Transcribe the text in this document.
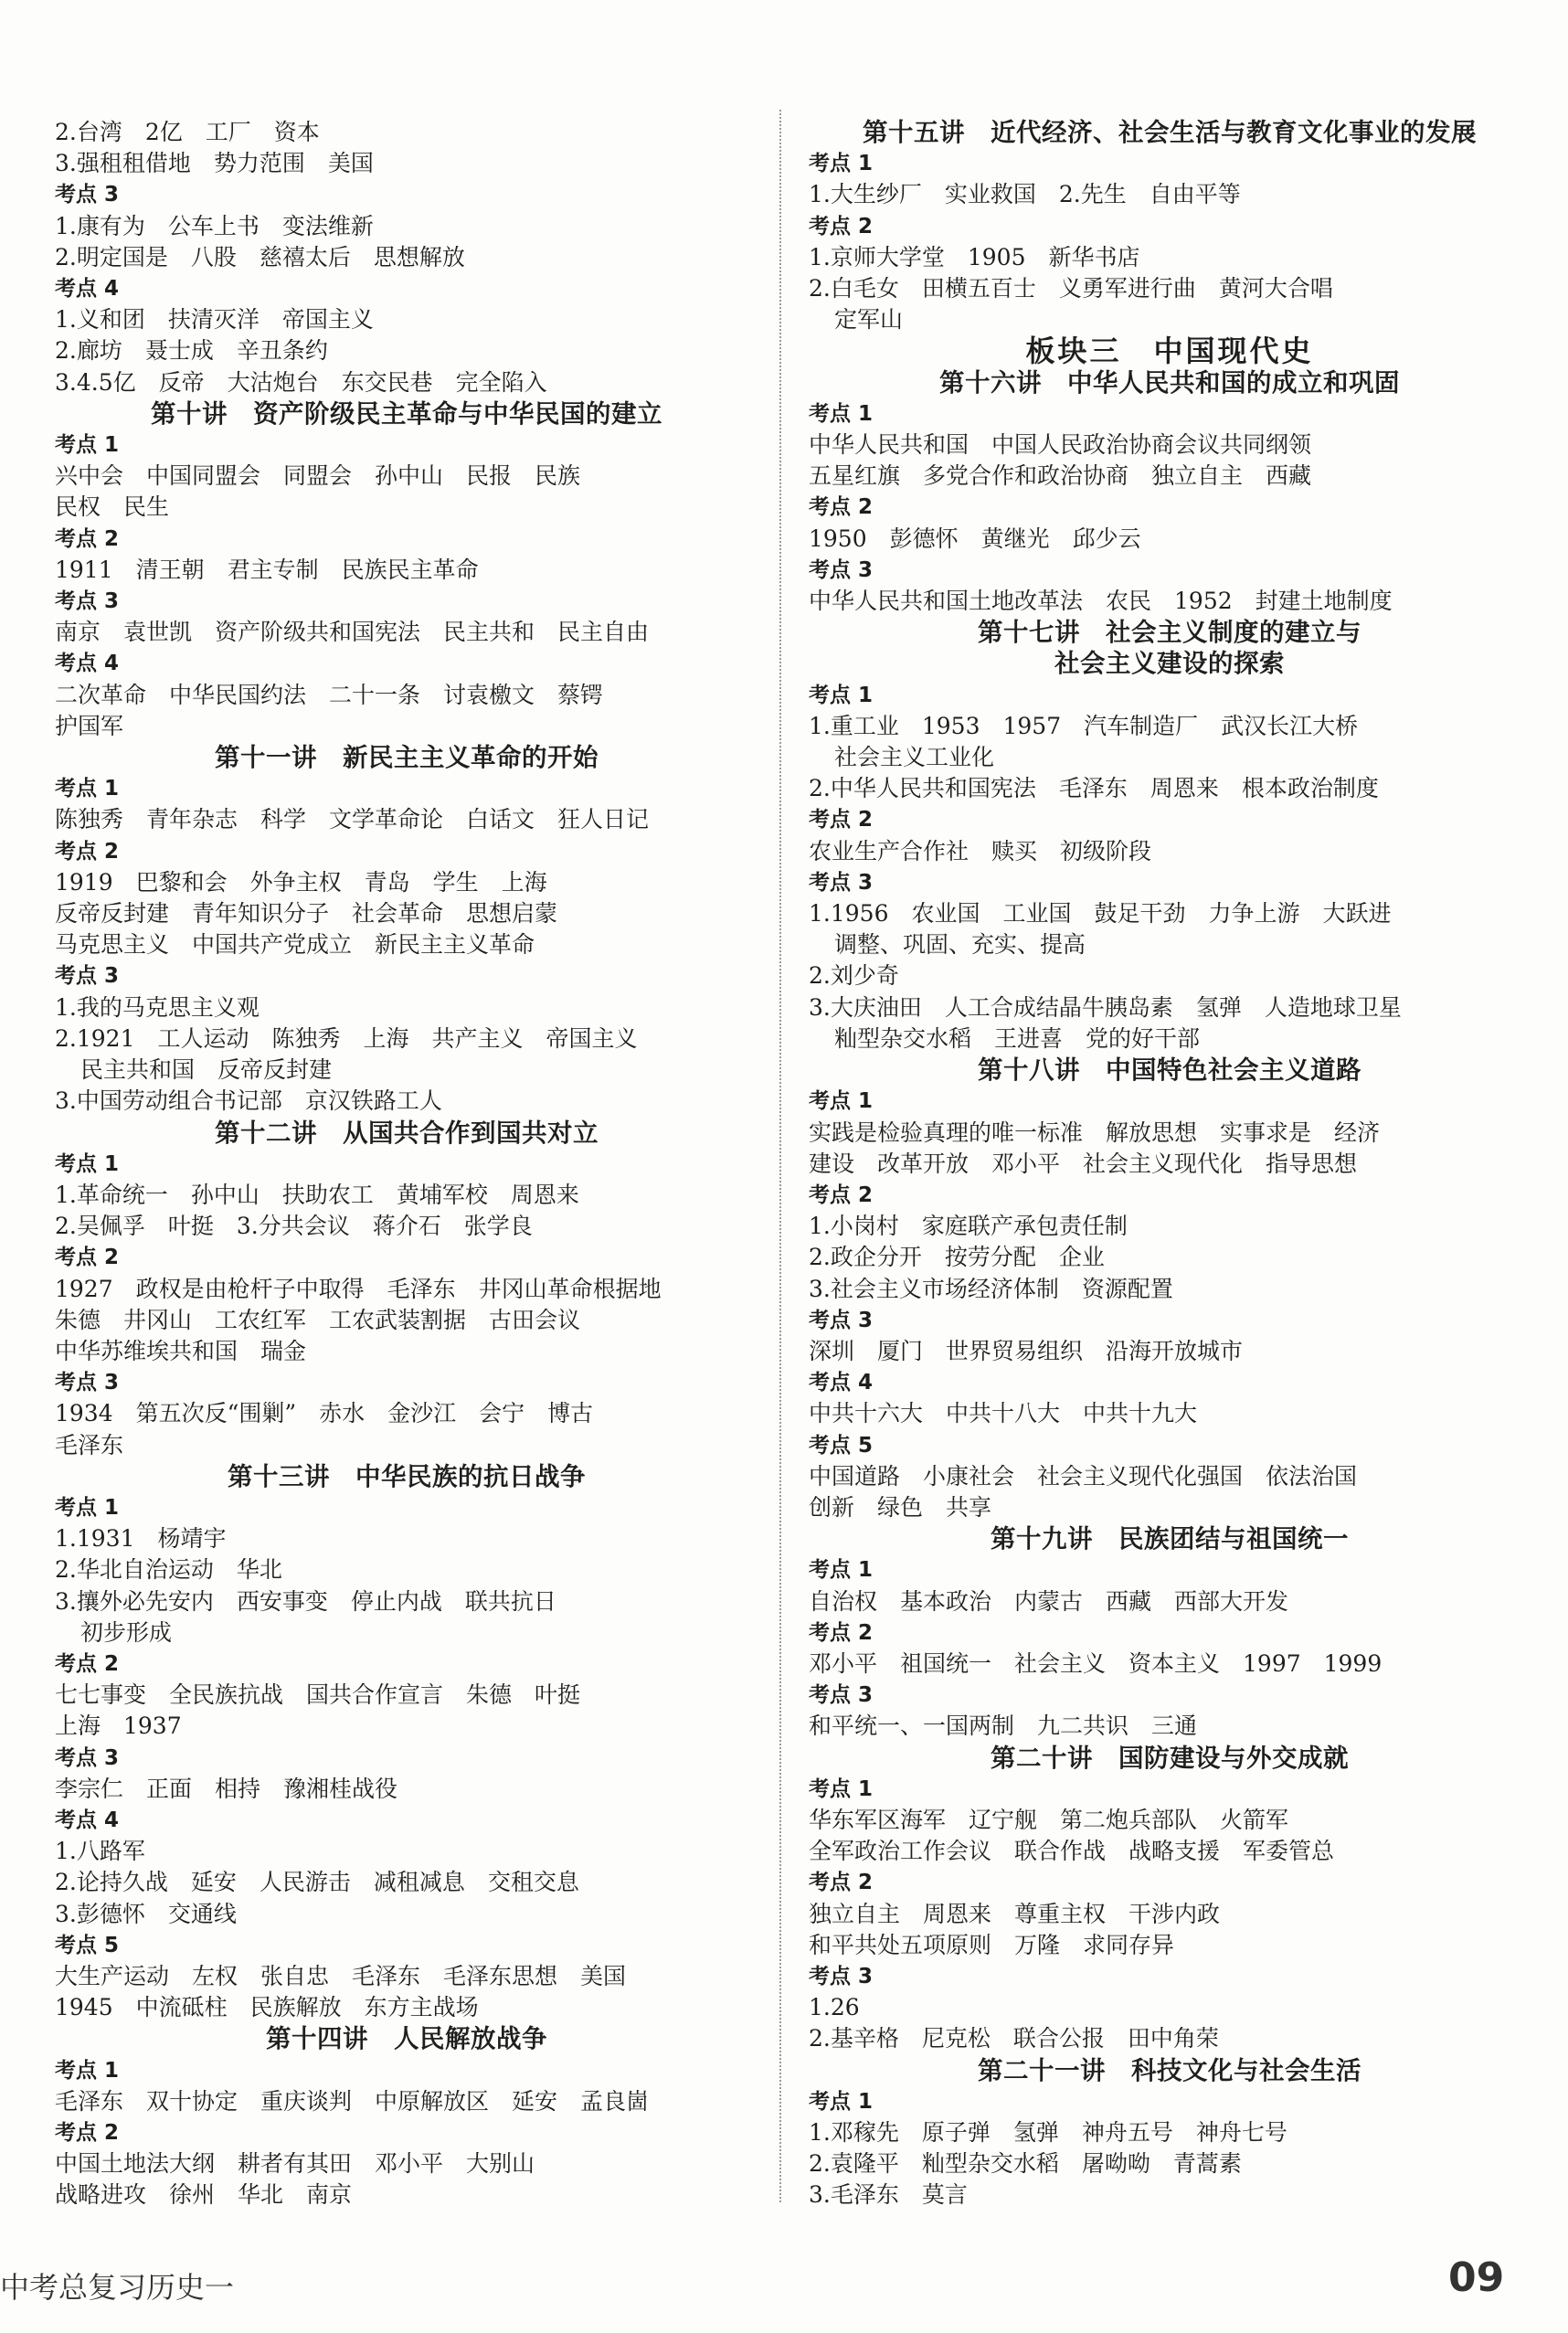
2.台湾　2亿　工厂　资本
3.强租租借地　势力范围　美国
考点 3
1.康有为　公车上书　变法维新
2.明定国是　八股　慈禧太后　思想解放
考点 4
1.义和团　扶清灭洋　帝国主义
2.廊坊　聂士成　辛丑条约
3.4.5亿　反帝　大沽炮台　东交民巷　完全陷入
第十讲　资产阶级民主革命与中华民国的建立
考点 1
兴中会　中国同盟会　同盟会　孙中山　民报　民族
民权　民生
考点 2
1911　清王朝　君主专制　民族民主革命
考点 3
南京　袁世凯　资产阶级共和国宪法　民主共和　民主自由
考点 4
二次革命　中华民国约法　二十一条　讨袁檄文　蔡锷
护国军
第十一讲　新民主主义革命的开始
考点 1
陈独秀　青年杂志　科学　文学革命论　白话文　狂人日记
考点 2
1919　巴黎和会　外争主权　青岛　学生　上海
反帝反封建　青年知识分子　社会革命　思想启蒙
马克思主义　中国共产党成立　新民主主义革命
考点 3
1.我的马克思主义观
2.1921　工人运动　陈独秀　上海　共产主义　帝国主义
民主共和国　反帝反封建
3.中国劳动组合书记部　京汉铁路工人
第十二讲　从国共合作到国共对立
考点 1
1.革命统一　孙中山　扶助农工　黄埔军校　周恩来
2.吴佩孚　叶挺　3.分共会议　蒋介石　张学良
考点 2
1927　政权是由枪杆子中取得　毛泽东　井冈山革命根据地
朱德　井冈山　工农红军　工农武装割据　古田会议
中华苏维埃共和国　瑞金
考点 3
1934　第五次反“围剿”　赤水　金沙江　会宁　博古
毛泽东
第十三讲　中华民族的抗日战争
考点 1
1.1931　杨靖宇
2.华北自治运动　华北
3.攘外必先安内　西安事变　停止内战　联共抗日
初步形成
考点 2
七七事变　全民族抗战　国共合作宣言　朱德　叶挺
上海　1937
考点 3
李宗仁　正面　相持　豫湘桂战役
考点 4
1.八路军
2.论持久战　延安　人民游击　减租减息　交租交息
3.彭德怀　交通线
考点 5
大生产运动　左权　张自忠　毛泽东　毛泽东思想　美国
1945　中流砥柱　民族解放　东方主战场
第十四讲　人民解放战争
考点 1
毛泽东　双十协定　重庆谈判　中原解放区　延安　孟良崮
考点 2
中国土地法大纲　耕者有其田　邓小平　大别山
战略进攻　徐州　华北　南京
第十五讲　近代经济、社会生活与教育文化事业的发展
考点 1
1.大生纱厂　实业救国　2.先生　自由平等
考点 2
1.京师大学堂　1905　新华书店
2.白毛女　田横五百士　义勇军进行曲　黄河大合唱
定军山
板块三　中国现代史
第十六讲　中华人民共和国的成立和巩固
考点 1
中华人民共和国　中国人民政治协商会议共同纲领
五星红旗　多党合作和政治协商　独立自主　西藏
考点 2
1950　彭德怀　黄继光　邱少云
考点 3
中华人民共和国土地改革法　农民　1952　封建土地制度
第十七讲　社会主义制度的建立与
社会主义建设的探索
考点 1
1.重工业　1953　1957　汽车制造厂　武汉长江大桥
社会主义工业化
2.中华人民共和国宪法　毛泽东　周恩来　根本政治制度
考点 2
农业生产合作社　赎买　初级阶段
考点 3
1.1956　农业国　工业国　鼓足干劲　力争上游　大跃进
调整、巩固、充实、提高
2.刘少奇
3.大庆油田　人工合成结晶牛胰岛素　氢弹　人造地球卫星
籼型杂交水稻　王进喜　党的好干部
第十八讲　中国特色社会主义道路
考点 1
实践是检验真理的唯一标准　解放思想　实事求是　经济
建设　改革开放　邓小平　社会主义现代化　指导思想
考点 2
1.小岗村　家庭联产承包责任制
2.政企分开　按劳分配　企业
3.社会主义市场经济体制　资源配置
考点 3
深圳　厦门　世界贸易组织　沿海开放城市
考点 4
中共十六大　中共十八大　中共十九大
考点 5
中国道路　小康社会　社会主义现代化强国　依法治国
创新　绿色　共享
第十九讲　民族团结与祖国统一
考点 1
自治权　基本政治　内蒙古　西藏　西部大开发
考点 2
邓小平　祖国统一　社会主义　资本主义　1997　1999
考点 3
和平统一、一国两制　九二共识　三通
第二十讲　国防建设与外交成就
考点 1
华东军区海军　辽宁舰　第二炮兵部队　火箭军
全军政治工作会议　联合作战　战略支援　军委管总
考点 2
独立自主　周恩来　尊重主权　干涉内政
和平共处五项原则　万隆　求同存异
考点 3
1.26
2.基辛格　尼克松　联合公报　田中角荣
第二十一讲　科技文化与社会生活
考点 1
1.邓稼先　原子弹　氢弹　神舟五号　神舟七号
2.袁隆平　籼型杂交水稻　屠呦呦　青蒿素
3.毛泽东　莫言
中考总复习历史一	09
